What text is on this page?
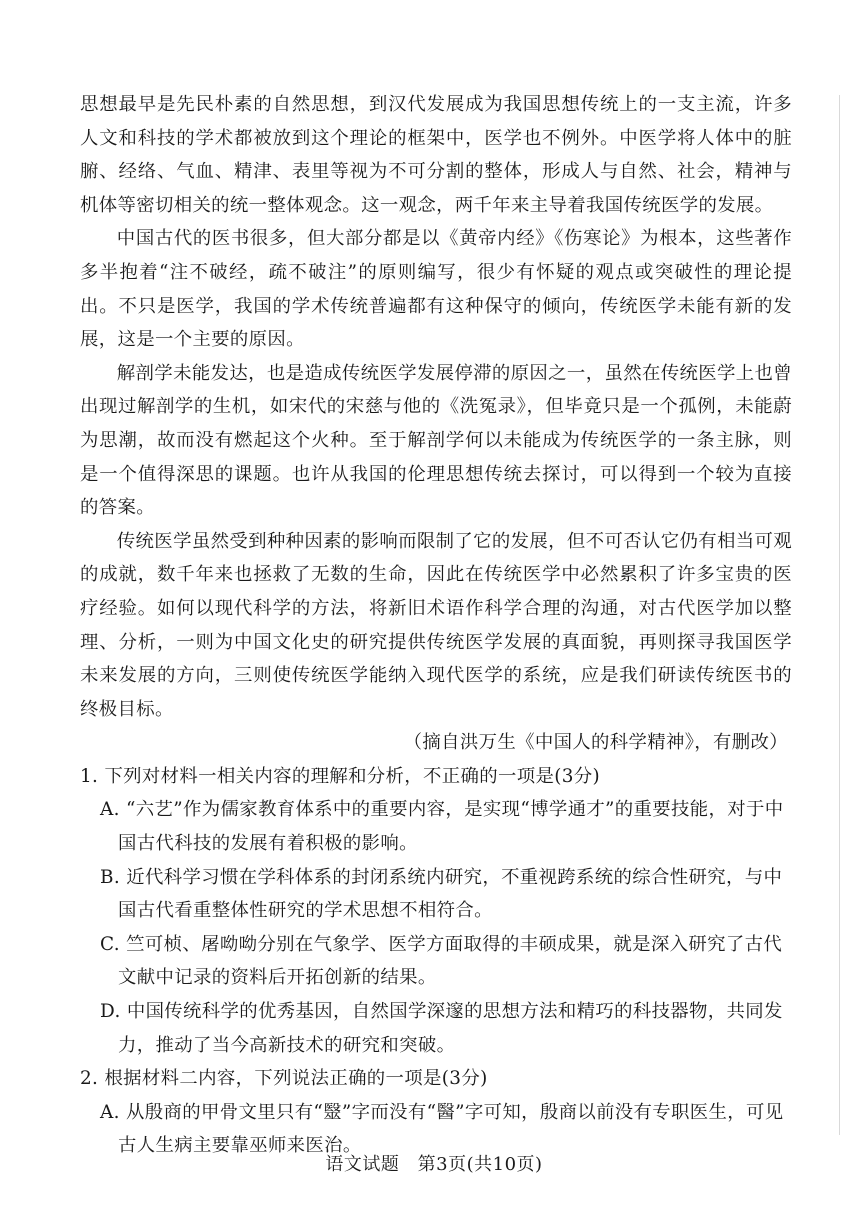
思想最早是先民朴素的自然思想，到汉代发展成为我国思想传统上的一支主流，许多人文和科技的学术都被放到这个理论的框架中，医学也不例外。中医学将人体中的脏腑、经络、气血、精津、表里等视为不可分割的整体，形成人与自然、社会，精神与机体等密切相关的统一整体观念。这一观念，两千年来主导着我国传统医学的发展。

中国古代的医书很多，但大部分都是以《黄帝内经》《伤寒论》为根本，这些著作多半抱着“注不破经，疏不破注”的原则编写，很少有怀疑的观点或突破性的理论提出。不只是医学，我国的学术传统普遍都有这种保守的倾向，传统医学未能有新的发展，这是一个主要的原因。

解剖学未能发达，也是造成传统医学发展停滞的原因之一，虽然在传统医学上也曾出现过解剖学的生机，如宋代的宋慈与他的《洗冤录》，但毕竟只是一个孤例，未能蔚为思潮，故而没有燃起这个火种。至于解剖学何以未能成为传统医学的一条主脉，则是一个值得深思的课题。也许从我国的伦理思想传统去探讨，可以得到一个较为直接的答案。

传统医学虽然受到种种因素的影响而限制了它的发展，但不可否认它仍有相当可观的成就，数千年来也拯救了无数的生命，因此在传统医学中必然累积了许多宝贵的医疗经验。如何以现代科学的方法，将新旧术语作科学合理的沟通，对古代医学加以整理、分析，一则为中国文化史的研究提供传统医学发展的真面貌，再则探寻我国医学未来发展的方向，三则使传统医学能纳入现代医学的系统，应是我们研读传统医书的终极目标。

（摘自洪万生《中国人的科学精神》，有删改）

1. 下列对材料一相关内容的理解和分析，不正确的一项是(3分)

A. “六艺”作为儒家教育体系中的重要内容，是实现“博学通才”的重要技能，对于中国古代科技的发展有着积极的影响。

B. 近代科学习惯在学科体系的封闭系统内研究，不重视跨系统的综合性研究，与中国古代看重整体性研究的学术思想不相符合。

C. 竺可桢、屠呦呦分别在气象学、医学方面取得的丰硕成果，就是深入研究了古代文献中记录的资料后开拓创新的结果。

D. 中国传统科学的优秀基因，自然国学深邃的思想方法和精巧的科技器物，共同发力，推动了当今高新技术的研究和突破。

2. 根据材料二内容，下列说法正确的一项是(3分)

A. 从殷商的甲骨文里只有“毉”字而没有“醫”字可知，殷商以前没有专职医生，可见古人生病主要靠巫师来医治。

语文试题 第3页(共10页)
